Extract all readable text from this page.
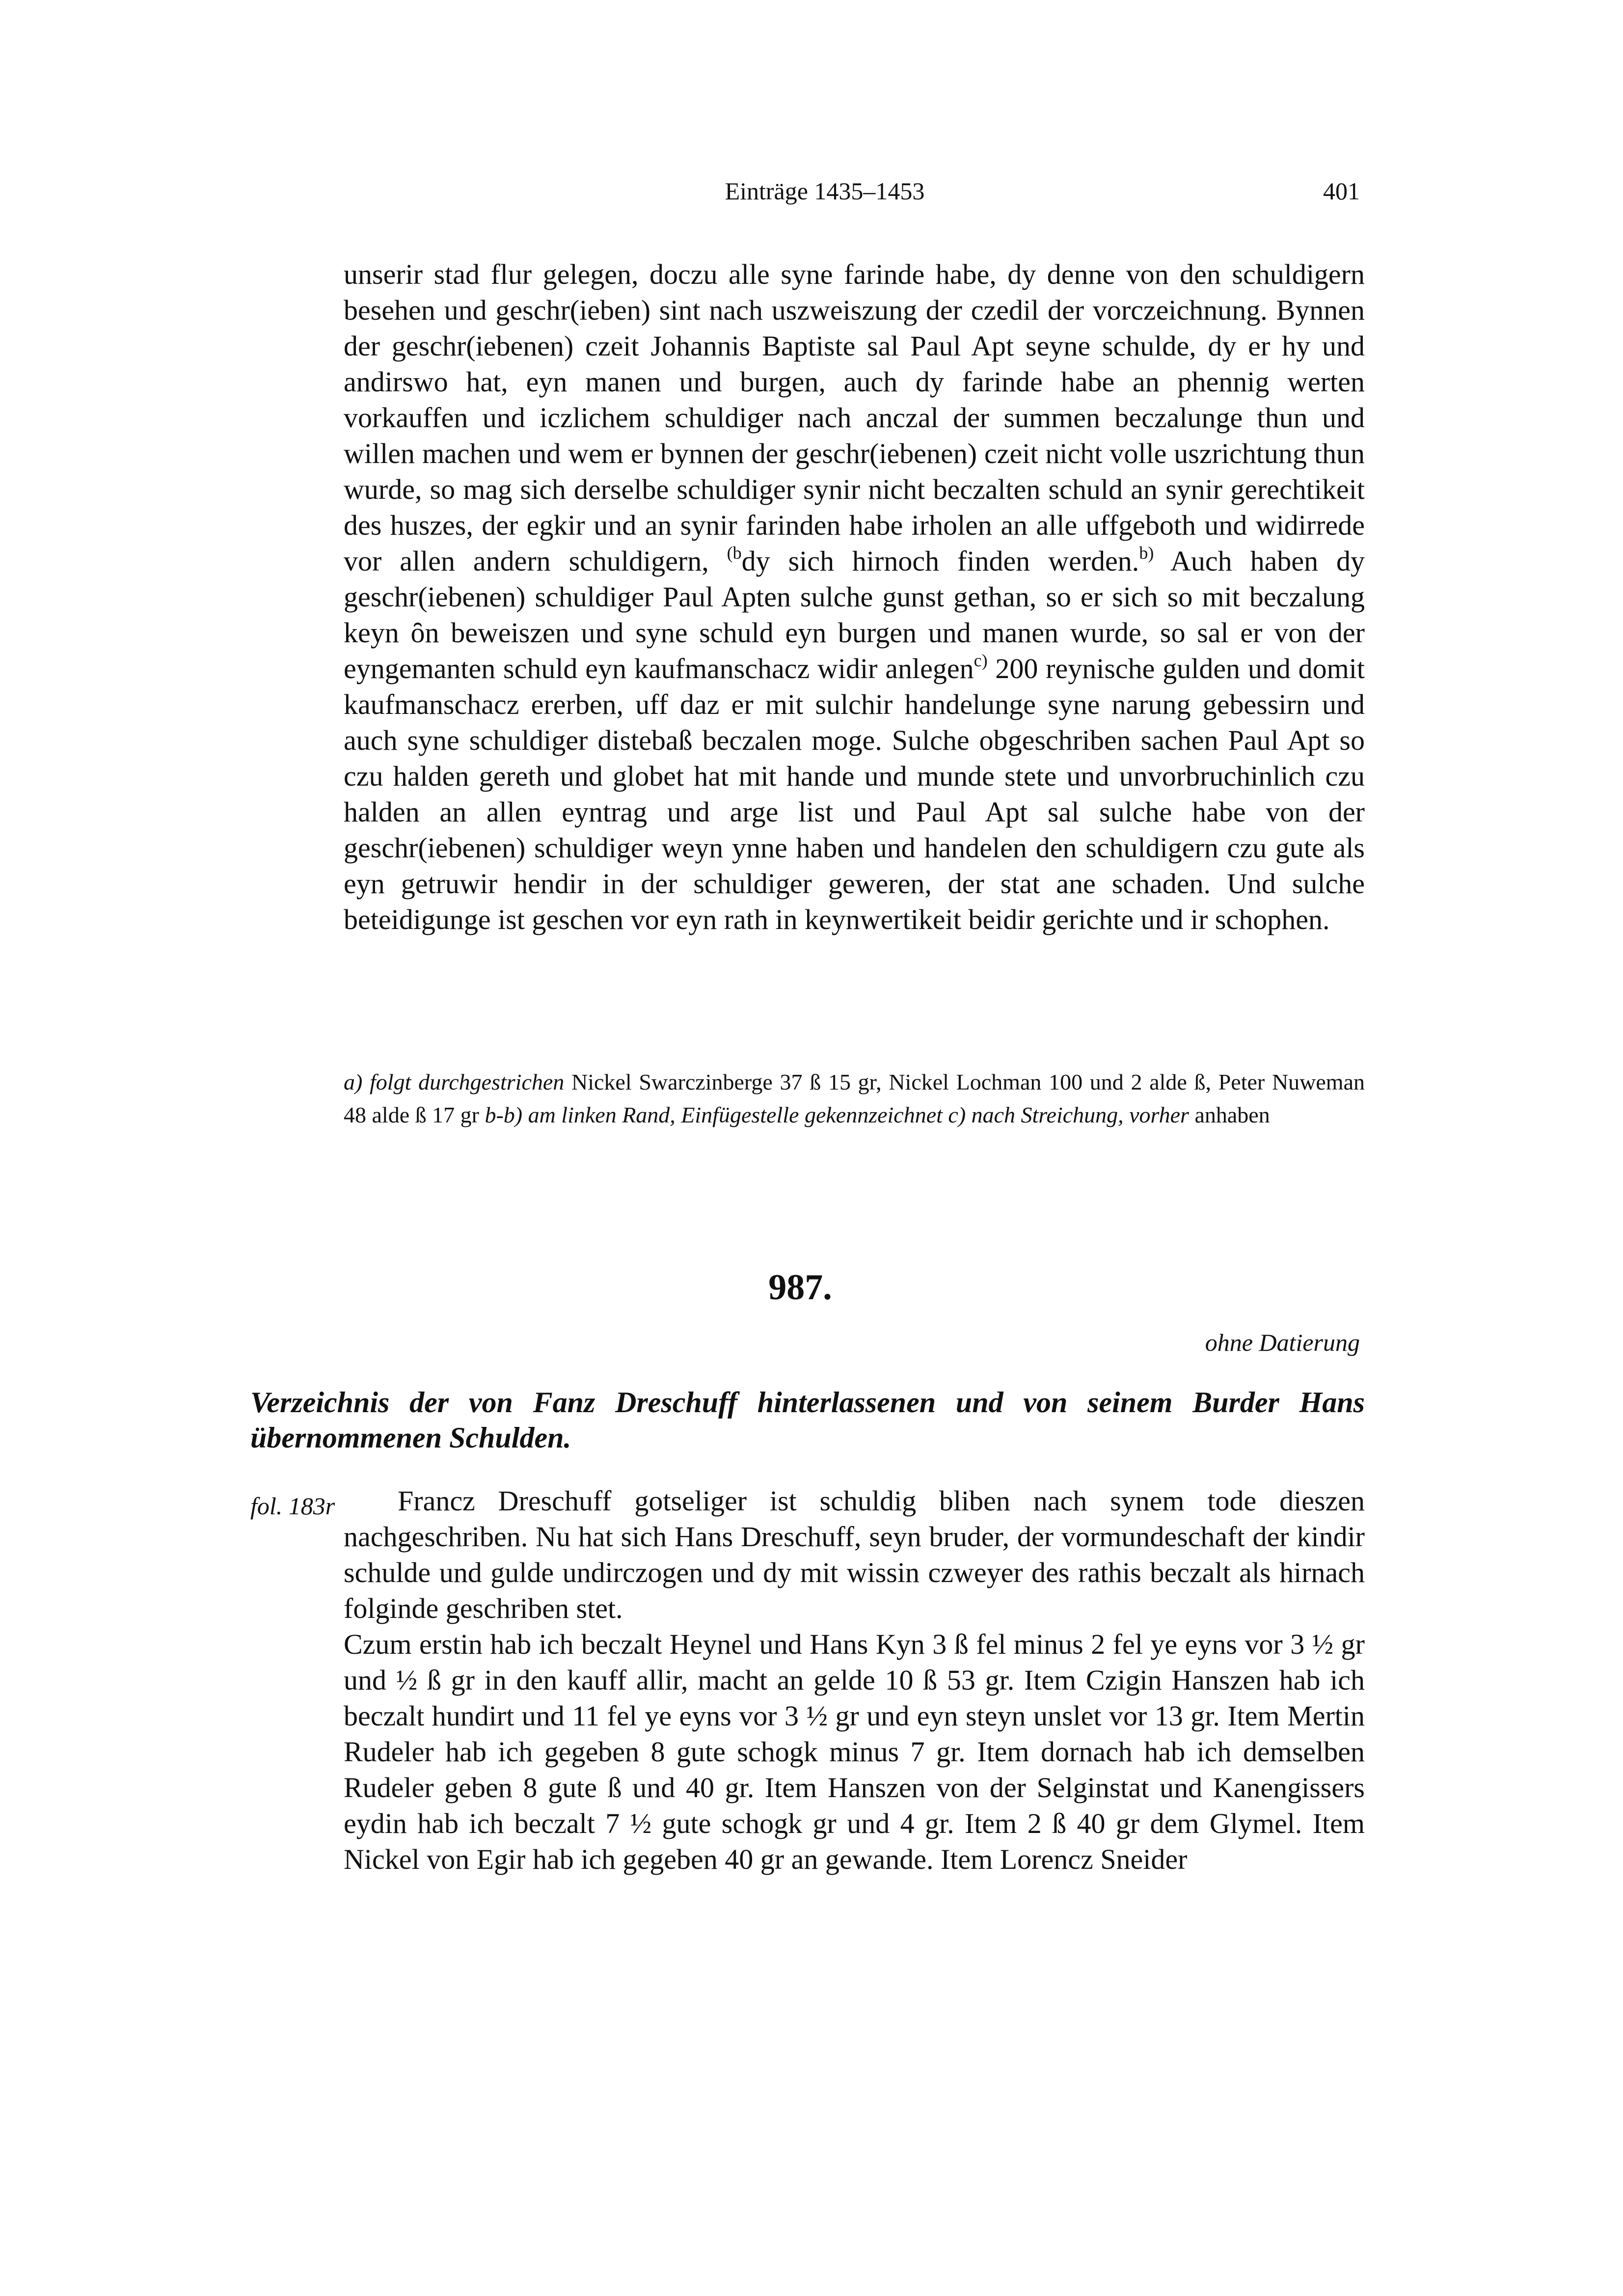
Einträge 1435–1453	401

unserir stad flur gelegen, doczu alle syne farinde habe, dy denne von den schuldigern besehen und geschr(ieben) sint nach uszweiszung der czedil der vorczeichnung. Bynnen der geschr(iebenen) czeit Johannis Baptiste sal Paul Apt seyne schulde, dy er hy und andirswo hat, eyn manen und burgen, auch dy farinde habe an phennig werten vorkauffen und iczlichem schuldiger nach anczal der summen beczalunge thun und willen machen und wem er bynnen der geschr(iebenen) czeit nicht volle uszrichtung thun wurde, so mag sich derselbe schuldiger synir nicht beczalten schuld an synir gerechtikeit des huszes, der egkir und an synir farinden habe irholen an alle uffgeboth und widirrede vor allen andern schuldigern, $^{(b}$dy sich hirnoch finden werden.$^{b)}$ Auch haben dy geschr(iebenen) schuldiger Paul Apten sulche gunst gethan, so er sich so mit beczalung keyn ȏn beweiszen und syne schuld eyn burgen und manen wurde, so sal er von der eyngemanten schuld eyn kaufmanschacz widir anlegen$^{c)}$ 200 reynische gulden und domit kaufmanschacz ererben, uff daz er mit sulchir handelunge syne narung gebessirn und auch syne schuldiger distebaß beczalen moge. Sulche obgeschriben sachen Paul Apt so czu halden gereth und globet hat mit hande und munde stete und unvorbruchinlich czu halden an allen eyntrag und arge list und Paul Apt sal sulche habe von der geschr(iebenen) schuldiger weyn ynne haben und handelen den schuldigern czu gute als eyn getruwir hendir in der schuldiger geweren, der stat ane schaden. Und sulche beteidigunge ist geschen vor eyn rath in keynwertikeit beidir gerichte und ir schophen.

a) folgt durchgestrichen Nickel Swarczinberge 37 ß 15 gr, Nickel Lochman 100 und 2 alde ß, Peter Nuweman 48 alde ß 17 gr b-b) am linken Rand, Einfügestelle gekennzeichnet c) nach Streichung, vorher anhaben
987.
ohne Datierung
Verzeichnis der von Fanz Dreschuff hinterlassenen und von seinem Burder Hans übernommenen Schulden.
fol. 183r	Francz Dreschuff gotseliger ist schuldig bliben nach synem tode dieszen nachgeschriben. Nu hat sich Hans Dreschuff, seyn bruder, der vormundeschaft der kindir schulde und gulde undirczogen und dy mit wissin czweyer des rathis beczalt als hirnach folginde geschriben stet.

Czum erstin hab ich beczalt Heynel und Hans Kyn 3 ß fel minus 2 fel ye eyns vor 3 ½ gr und ½ ß gr in den kauff allir, macht an gelde 10 ß 53 gr. Item Czigin Hanszen hab ich beczalt hundirt und 11 fel ye eyns vor 3 ½ gr und eyn steyn unslet vor 13 gr. Item Mertin Rudeler hab ich gegeben 8 gute schogk minus 7 gr. Item dornach hab ich demselben Rudeler geben 8 gute ß und 40 gr. Item Hanszen von der Selginstat und Kanengissers eydin hab ich beczalt 7 ½ gute schogk gr und 4 gr. Item 2 ß 40 gr dem Glymel. Item Nickel von Egir hab ich gegeben 40 gr an gewande. Item Lorencz Sneider
